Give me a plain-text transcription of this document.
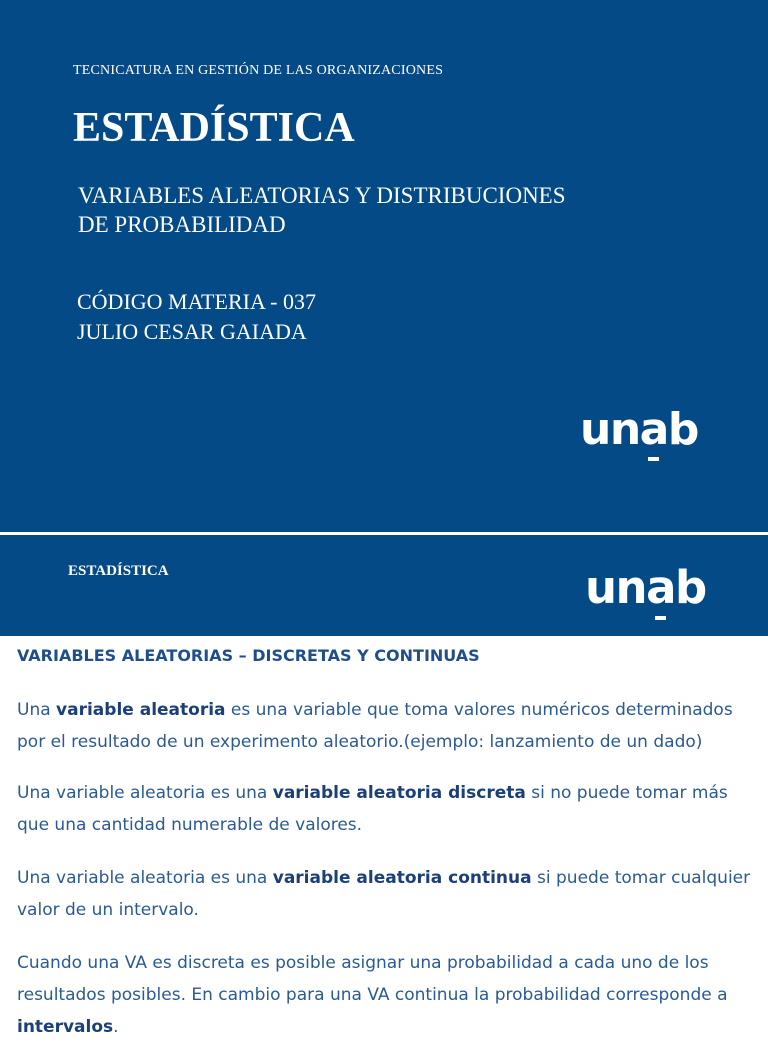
TECNICATURA EN GESTIÓN DE LAS ORGANIZACIONES
ESTADÍSTICA
VARIABLES ALEATORIAS Y DISTRIBUCIONES
DE PROBABILIDAD
CÓDIGO MATERIA - 037
JULIO CESAR GAIADA
una
b
ESTADÍSTICA	una
b
VARIABLES ALEATORIAS – DISCRETAS Y CONTINUAS

Una variable aleatoria es una variable que toma valores numéricos determinados por el resultado de un experimento aleatorio.(ejemplo: lanzamiento de un dado)

Una variable aleatoria es una variable aleatoria discreta si no puede tomar más que una cantidad numerable de valores.

Una variable aleatoria es una variable aleatoria continua si puede tomar cualquier valor de un intervalo.

Cuando una VA es discreta es posible asignar una probabilidad a cada uno de los resultados posibles. En cambio para una VA continua la probabilidad corresponde a intervalos.
